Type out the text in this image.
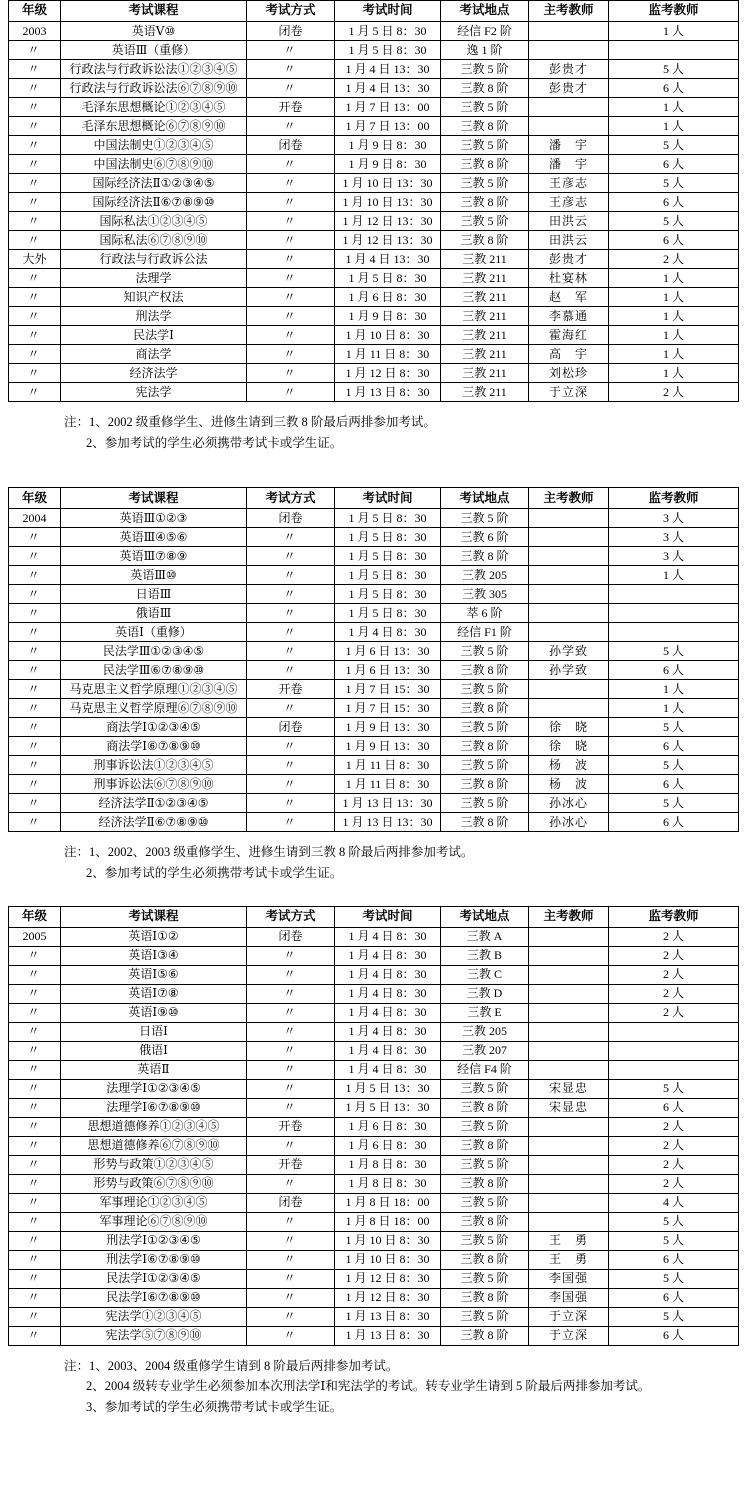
年级	考试课程	考试方式	考试时间	考试地点	主考教师	监考教师
2003	英语Ⅴ⑩	闭卷	1 月 5 日 8：30	经信 F2 阶		1 人
〃	英语Ⅲ（重修）	〃	1 月 5 日 8：30	逸 1 阶		
〃	行政法与行政诉讼法①②③④⑤	〃	1 月 4 日 13：30	三教 5 阶	彭贵才	5 人
〃	行政法与行政诉讼法⑥⑦⑧⑨⑩	〃	1 月 4 日 13：30	三教 8 阶	彭贵才	6 人
〃	毛泽东思想概论①②③④⑤	开卷	1 月 7 日 13：00	三教 5 阶		1 人
〃	毛泽东思想概论⑥⑦⑧⑨⑩	〃	1 月 7 日 13：00	三教 8 阶		1 人
〃	中国法制史①②③④⑤	闭卷	1 月 9 日 8：30	三教 5 阶	潘　宇	5 人
〃	中国法制史⑥⑦⑧⑨⑩	〃	1 月 9 日 8：30	三教 8 阶	潘　宇	6 人
〃	国际经济法Ⅱ①②③④⑤	〃	1 月 10 日 13：30	三教 5 阶	王彦志	5 人
〃	国际经济法Ⅱ⑥⑦⑧⑨⑩	〃	1 月 10 日 13：30	三教 8 阶	王彦志	6 人
〃	国际私法①②③④⑤	〃	1 月 12 日 13：30	三教 5 阶	田洪云	5 人
〃	国际私法⑥⑦⑧⑨⑩	〃	1 月 12 日 13：30	三教 8 阶	田洪云	6 人
大外	行政法与行政诉公法	〃	1 月 4 日 13：30	三教 211	彭贵才	2 人
〃	法理学	〃	1 月 5 日 8：30	三教 211	杜宴林	1 人
〃	知识产权法	〃	1 月 6 日 8：30	三教 211	赵　军	1 人
〃	刑法学	〃	1 月 9 日 8：30	三教 211	李慕通	1 人
〃	民法学Ⅰ	〃	1 月 10 日 8：30	三教 211	霍海红	1 人
〃	商法学	〃	1 月 11 日 8：30	三教 211	高　宇	1 人
〃	经济法学	〃	1 月 12 日 8：30	三教 211	刘松珍	1 人
〃	宪法学	〃	1 月 13 日 8：30	三教 211	于立深	2 人
注：1、2002 级重修学生、进修生请到三教 8 阶最后两排参加考试。
2、参加考试的学生必须携带考试卡或学生证。
年级	考试课程	考试方式	考试时间	考试地点	主考教师	监考教师
2004	英语Ⅲ①②③	闭卷	1 月 5 日 8：30	三教 5 阶		3 人
〃	英语Ⅲ④⑤⑥	〃	1 月 5 日 8：30	三教 6 阶		3 人
〃	英语Ⅲ⑦⑧⑨	〃	1 月 5 日 8：30	三教 8 阶		3 人
〃	英语Ⅲ⑩	〃	1 月 5 日 8：30	三教 205		1 人
〃	日语Ⅲ	〃	1 月 5 日 8：30	三教 305		
〃	俄语Ⅲ	〃	1 月 5 日 8：30	萃 6 阶		
〃	英语Ⅰ（重修）	〃	1 月 4 日 8：30	经信 F1 阶		
〃	民法学Ⅲ①②③④⑤	〃	1 月 6 日 13：30	三教 5 阶	孙学致	5 人
〃	民法学Ⅲ⑥⑦⑧⑨⑩	〃	1 月 6 日 13：30	三教 8 阶	孙学致	6 人
〃	马克思主义哲学原理①②③④⑤	开卷	1 月 7 日 15：30	三教 5 阶		1 人
〃	马克思主义哲学原理⑥⑦⑧⑨⑩	〃	1 月 7 日 15：30	三教 8 阶		1 人
〃	商法学Ⅰ①②③④⑤	闭卷	1 月 9 日 13：30	三教 5 阶	徐　晓	5 人
〃	商法学Ⅰ⑥⑦⑧⑨⑩	〃	1 月 9 日 13：30	三教 8 阶	徐　晓	6 人
〃	刑事诉讼法①②③④⑤	〃	1 月 11 日 8：30	三教 5 阶	杨　波	5 人
〃	刑事诉讼法⑥⑦⑧⑨⑩	〃	1 月 11 日 8：30	三教 8 阶	杨　波	6 人
〃	经济法学Ⅱ①②③④⑤	〃	1 月 13 日 13：30	三教 5 阶	孙冰心	5 人
〃	经济法学Ⅱ⑥⑦⑧⑨⑩	〃	1 月 13 日 13：30	三教 8 阶	孙冰心	6 人
注：1、2002、2003 级重修学生、进修生请到三教 8 阶最后两排参加考试。
2、参加考试的学生必须携带考试卡或学生证。
年级	考试课程	考试方式	考试时间	考试地点	主考教师	监考教师
2005	英语Ⅰ①②	闭卷	1 月 4 日 8：30	三教 A		2 人
〃	英语Ⅰ③④	〃	1 月 4 日 8：30	三教 B		2 人
〃	英语Ⅰ⑤⑥	〃	1 月 4 日 8：30	三教 C		2 人
〃	英语Ⅰ⑦⑧	〃	1 月 4 日 8：30	三教 D		2 人
〃	英语Ⅰ⑨⑩	〃	1 月 4 日 8：30	三教 E		2 人
〃	日语Ⅰ	〃	1 月 4 日 8：30	三教 205		
〃	俄语Ⅰ	〃	1 月 4 日 8：30	三教 207		
〃	英语Ⅱ	〃	1 月 4 日 8：30	经信 F4 阶		
〃	法理学Ⅰ①②③④⑤	〃	1 月 5 日 13：30	三教 5 阶	宋显忠	5 人
〃	法理学Ⅰ⑥⑦⑧⑨⑩	〃	1 月 5 日 13：30	三教 8 阶	宋显忠	6 人
〃	思想道德修养①②③④⑤	开卷	1 月 6 日 8：30	三教 5 阶		2 人
〃	思想道德修养⑥⑦⑧⑨⑩	〃	1 月 6 日 8：30	三教 8 阶		2 人
〃	形势与政策①②③④⑤	开卷	1 月 8 日 8：30	三教 5 阶		2 人
〃	形势与政策⑥⑦⑧⑨⑩	〃	1 月 8 日 8：30	三教 8 阶		2 人
〃	军事理论①②③④⑤	闭卷	1 月 8 日 18：00	三教 5 阶		4 人
〃	军事理论⑥⑦⑧⑨⑩	〃	1 月 8 日 18：00	三教 8 阶		5 人
〃	刑法学Ⅰ①②③④⑤	〃	1 月 10 日 8：30	三教 5 阶	王　勇	5 人
〃	刑法学Ⅰ⑥⑦⑧⑨⑩	〃	1 月 10 日 8：30	三教 8 阶	王　勇	6 人
〃	民法学Ⅰ①②③④⑤	〃	1 月 12 日 8：30	三教 5 阶	李国强	5 人
〃	民法学Ⅰ⑥⑦⑧⑨⑩	〃	1 月 12 日 8：30	三教 8 阶	李国强	6 人
〃	宪法学①②③④⑤	〃	1 月 13 日 8：30	三教 5 阶	于立深	5 人
〃	宪法学⑤⑦⑧⑨⑩	〃	1 月 13 日 8：30	三教 8 阶	于立深	6 人
注：1、2003、2004 级重修学生请到 8 阶最后两排参加考试。
2、2004 级转专业学生必须参加本次刑法学Ⅰ和宪法学的考试。转专业学生请到 5 阶最后两排参加考试。
3、参加考试的学生必须携带考试卡或学生证。
